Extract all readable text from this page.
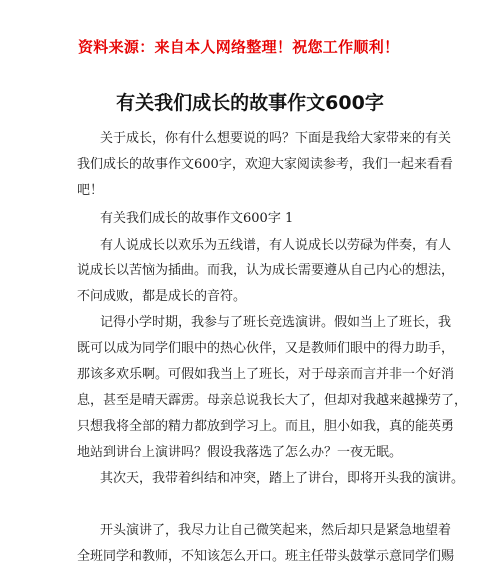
资料来源：来自本人网络整理！祝您工作顺利！
有关我们成长的故事作文600字
关于成长，你有什么想要说的吗？下面是我给大家带来的有关
我们成长的故事作文600字，欢迎大家阅读参考，我们一起来看看
吧！
有关我们成长的故事作文600字 1
有人说成长以欢乐为五线谱，有人说成长以劳碌为伴奏，有人
说成长以苦恼为插曲。而我，认为成长需要遵从自己内心的想法，
不问成败，都是成长的音符。
记得小学时期，我参与了班长竞选演讲。假如当上了班长，我
既可以成为同学们眼中的热心伙伴，又是教师们眼中的得力助手，
那该多欢乐啊。可假如我当上了班长，对于母亲而言并非一个好消
息，甚至是晴天霹雳。母亲总说我长大了，但却对我越来越操劳了，
只想我将全部的精力都放到学习上。而且，胆小如我，真的能英勇
地站到讲台上演讲吗？假设我落选了怎么办？一夜无眠。
其次天，我带着纠结和冲突，踏上了讲台，即将开头我的演讲。
开头演讲了，我尽力让自己微笑起来，然后却只是紧急地望着
全班同学和教师，不知该怎么开口。班主任带头鼓掌示意同学们赐
